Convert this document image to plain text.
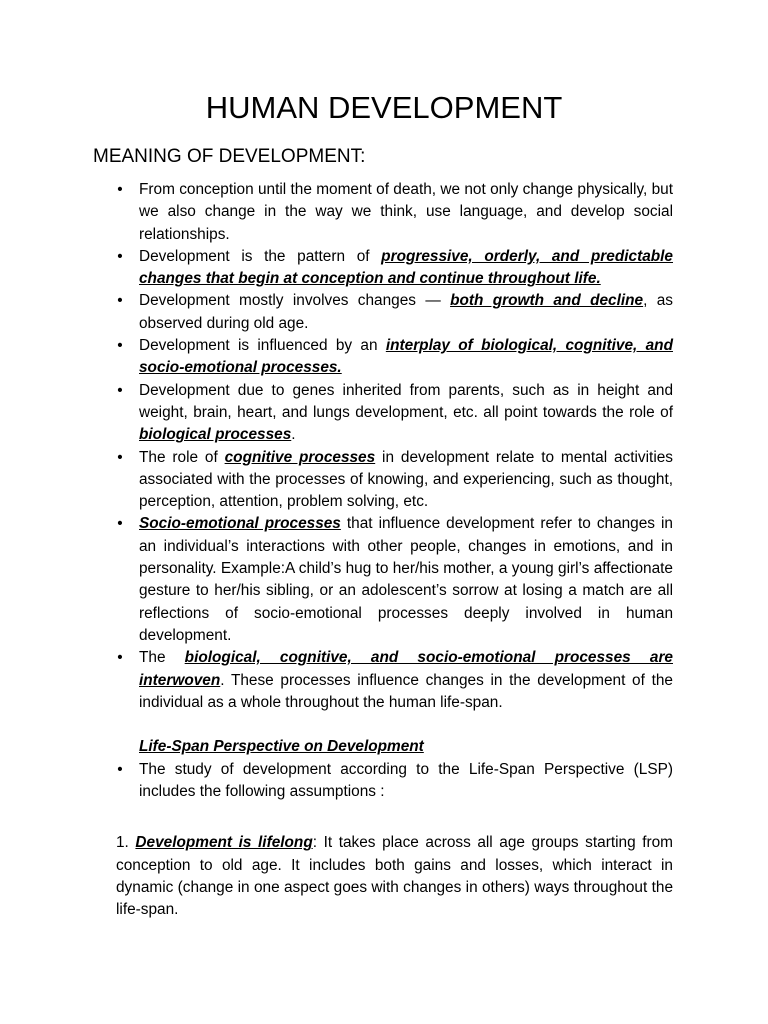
HUMAN DEVELOPMENT
MEANING OF DEVELOPMENT:

• From conception until the moment of death, we not only change physically, but we also change in the way we think, use language, and develop social relationships.

• Development is the pattern of progressive, orderly, and predictable changes that begin at conception and continue throughout life.

• Development mostly involves changes — both growth and decline, as observed during old age.

• Development is influenced by an interplay of biological, cognitive, and socio-emotional processes.

• Development due to genes inherited from parents, such as in height and weight, brain, heart, and lungs development, etc. all point towards the role of biological processes.

• The role of cognitive processes in development relate to mental activities associated with the processes of knowing, and experiencing, such as thought, perception, attention, problem solving, etc.

• Socio-emotional processes that influence development refer to changes in an individual’s interactions with other people, changes in emotions, and in personality. Example:A child’s hug to her/his mother, a young girl’s affectionate gesture to her/his sibling, or an adolescent’s sorrow at losing a match are all reflections of socio-emotional processes deeply involved in human development.

• The biological, cognitive, and socio-emotional processes are interwoven. These processes influence changes in the development of the individual as a whole throughout the human life-span.

Life-Span Perspective on Development

• The study of development according to the Life-Span Perspective (LSP) includes the following assumptions :

1. Development is lifelong: It takes place across all age groups starting from conception to old age. It includes both gains and losses, which interact in dynamic (change in one aspect goes with changes in others) ways throughout the life-span.
